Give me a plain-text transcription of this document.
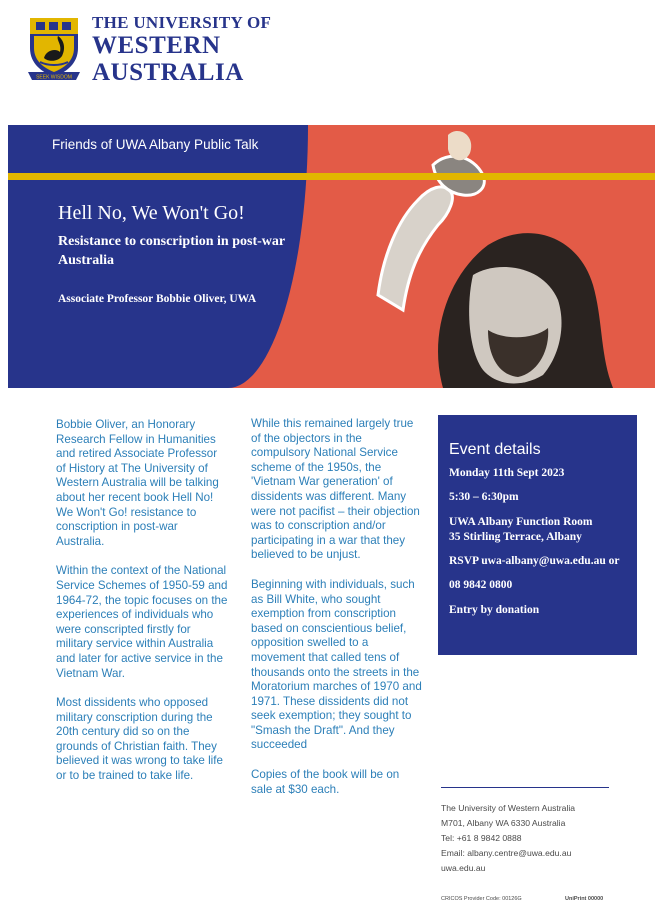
SEEK WISDOM
THE UNIVERSITY OF
WESTERN
AUSTRALIA
Friends of UWA Albany Public Talk
Hell No, We Won't Go!
Resistance to conscription in post-war Australia
Associate Professor Bobbie Oliver, UWA

Bobbie Oliver, an Honorary Research Fellow in Humanities and retired Associate Professor of History at The University of Western Australia will be talking about her recent book Hell No! We Won't Go! resistance to conscription in post-war Australia.

Within the context of the National Service Schemes of 1950-59 and 1964-72, the topic focuses on the experiences of individuals who were conscripted firstly for military service within Australia and later for active service in the Vietnam War.

Most dissidents who opposed military conscription during the 20th century did so on the grounds of Christian faith. They believed it was wrong to take life or to be trained to take life.

While this remained largely true of the objectors in the compulsory National Service scheme of the 1950s, the 'Vietnam War generation' of dissidents was different. Many were not pacifist – their objection was to conscription and/or participating in a war that they believed to be unjust.

Beginning with individuals, such as Bill White, who sought exemption from conscription based on conscientious belief, opposition swelled to a movement that called tens of thousands onto the streets in the Moratorium marches of 1970 and 1971. These dissidents did not seek exemption; they sought to "Smash the Draft". And they succeeded

Copies of the book will be on sale at $30 each.

Event details
Monday 11th Sept 2023
5:30 – 6:30pm
UWA Albany Function Room
35 Stirling Terrace, Albany
RSVP uwa-albany@uwa.edu.au or
08 9842 0800
Entry by donation
The University of Western Australia
M701, Albany WA 6330 Australia
Tel: +61 8 9842 0888
Email: albany.centre@uwa.edu.au
uwa.edu.au
CRICOS Provider Code: 00126G	UniPrint 00000
